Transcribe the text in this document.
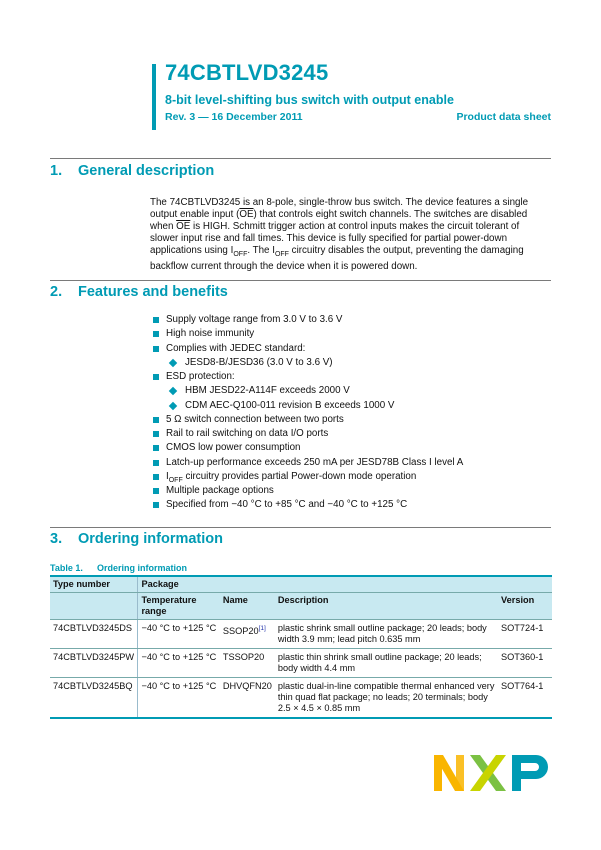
74CBTLVD3245
8-bit level-shifting bus switch with output enable
Rev. 3 — 16 December 2011	Product data sheet
1. General description
The 74CBTLVD3245 is an 8-pole, single-throw bus switch. The device features a single output enable input $(\overline{OE})$ that controls eight switch channels. The switches are disabled when $\overline{OE}$ is HIGH. Schmitt trigger action at control inputs makes the circuit tolerant of slower input rise and fall times. This device is fully specified for partial power-down applications using $I_{OFF}$. The $I_{OFF}$ circuitry disables the output, preventing the damaging backflow current through the device when it is powered down.
2. Features and benefits
Supply voltage range from 3.0 V to 3.6 V
High noise immunity
Complies with JEDEC standard:
JESD8-B/JESD36 (3.0 V to 3.6 V)
ESD protection:
HBM JESD22-A114F exceeds 2000 V
CDM AEC-Q100-011 revision B exceeds 1000 V
5 Ω switch connection between two ports
Rail to rail switching on data I/O ports
CMOS low power consumption
Latch-up performance exceeds 250 mA per JESD78B Class I level A
$I_{OFF}$ circuitry provides partial Power-down mode operation
Multiple package options
Specified from −40 °C to +85 °C and −40 °C to +125 °C
3. Ordering information
Table 1. Ordering information
Type number	Package			
	Temperature range	Name	Description	Version
74CBTLVD3245DS	−40 °C to +125 °C	SSOP20[1]	plastic shrink small outline package; 20 leads; body width 3.9 mm; lead pitch 0.635 mm	SOT724-1
74CBTLVD3245PW	−40 °C to +125 °C	TSSOP20	plastic thin shrink small outline package; 20 leads; body width 4.4 mm	SOT360-1
74CBTLVD3245BQ	−40 °C to +125 °C	DHVQFN20	plastic dual-in-line compatible thermal enhanced very thin quad flat package; no leads; 20 terminals; body 2.5 × 4.5 × 0.85 mm	SOT764-1
